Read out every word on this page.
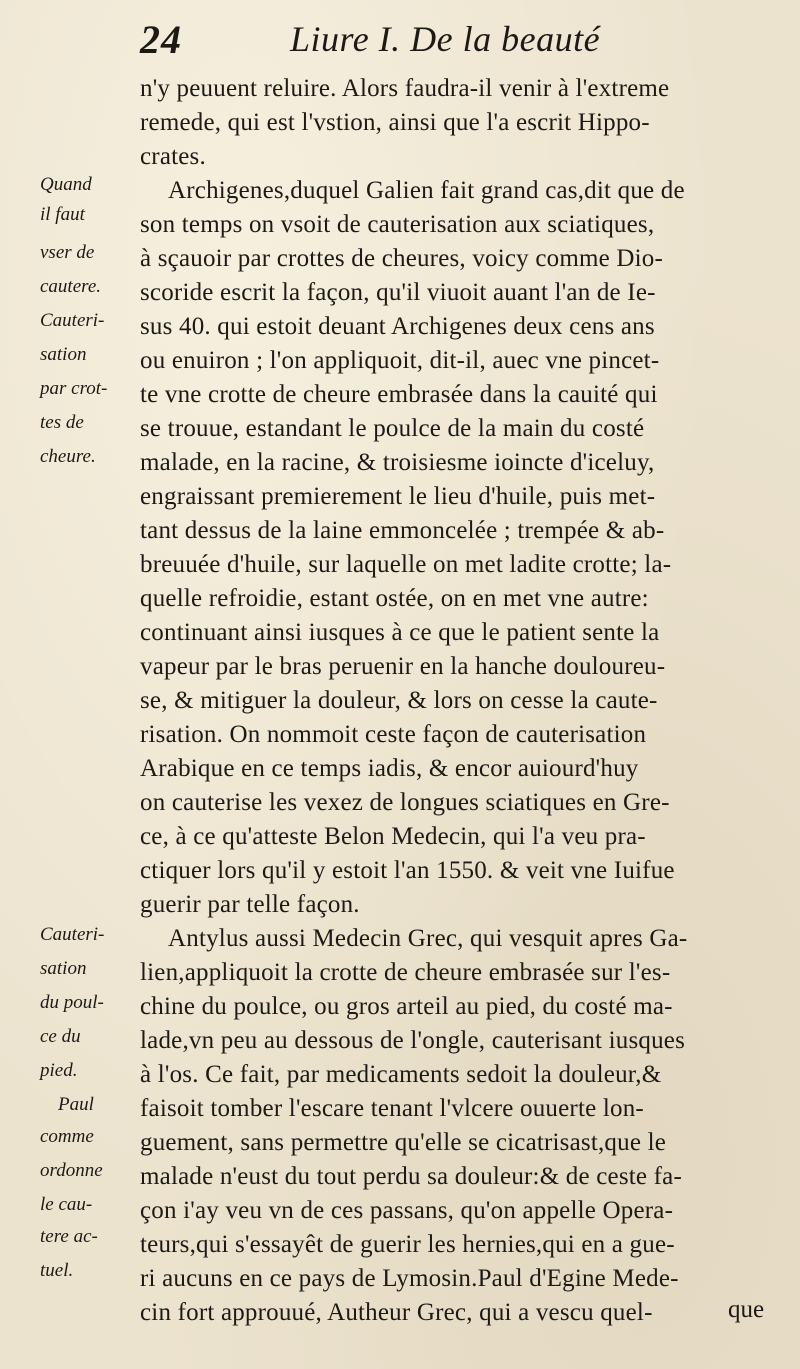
24	Liure I. De la beauté
Quand
il faut
vser de
cautere.
Cauteri-
sation
par crot-
tes de
cheure.
Cauteri-
sation
du poul-
ce du
pied.
Paul
comme
ordonne
le cau-
tere ac-
tuel.
n'y peuuent reluire. Alors faudra-il venir à l'extreme
remede, qui est l'vstion, ainsi que l'a escrit Hippo-
crates.
Archigenes,duquel Galien fait grand cas,dit que de
son temps on vsoit de cauterisation aux sciatiques,
à sçauoir par crottes de cheures, voicy comme Dio-
scoride escrit la façon, qu'il viuoit auant l'an de Ie-
sus 40. qui estoit deuant Archigenes deux cens ans
ou enuiron ; l'on appliquoit, dit-il, auec vne pincet-
te vne crotte de cheure embrasée dans la cauité qui
se trouue, estandant le poulce de la main du costé
malade, en la racine, & troisiesme ioincte d'iceluy,
engraissant premierement le lieu d'huile, puis met-
tant dessus de la laine emmoncelée ; trempée & ab-
breuuée d'huile, sur laquelle on met ladite crotte; la-
quelle refroidie, estant ostée, on en met vne autre:
continuant ainsi iusques à ce que le patient sente la
vapeur par le bras peruenir en la hanche douloureu-
se, & mitiguer la douleur, & lors on cesse la caute-
risation. On nommoit ceste façon de cauterisation
Arabique en ce temps iadis, & encor auiourd'huy
on cauterise les vexez de longues sciatiques en Gre-
ce, à ce qu'atteste Belon Medecin, qui l'a veu pra-
ctiquer lors qu'il y estoit l'an 1550. & veit vne Iuifue
guerir par telle façon.
Antylus aussi Medecin Grec, qui vesquit apres Ga-
lien,appliquoit la crotte de cheure embrasée sur l'es-
chine du poulce, ou gros arteil au pied, du costé ma-
lade,vn peu au dessous de l'ongle, cauterisant iusques
à l'os. Ce fait, par medicaments sedoit la douleur,&
faisoit tomber l'escare tenant l'vlcere ouuerte lon-
guement, sans permettre qu'elle se cicatrisast,que le
malade n'eust du tout perdu sa douleur:& de ceste fa-
çon i'ay veu vn de ces passans, qu'on appelle Opera-
teurs,qui s'essayêt de guerir les hernies,qui en a gue-
ri aucuns en ce pays de Lymosin.Paul d'Egine Mede-
cin fort approuué, Autheur Grec, qui a vescu quel-	que
